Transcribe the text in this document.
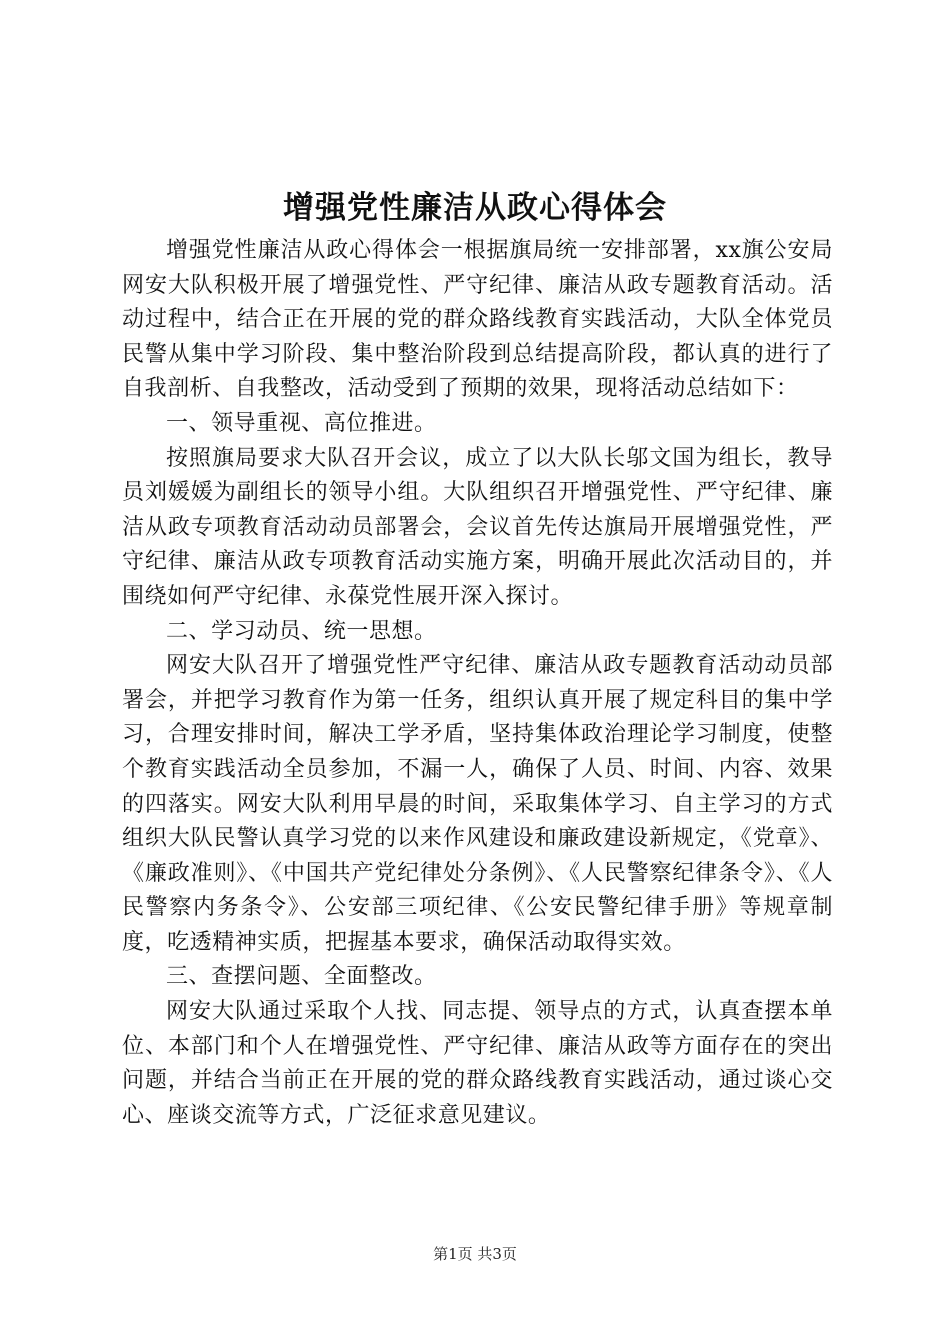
增强党性廉洁从政心得体会

增强党性廉洁从政心得体会一根据旗局统一安排部署，xx旗公安局网安大队积极开展了增强党性、严守纪律、廉洁从政专题教育活动。活动过程中，结合正在开展的党的群众路线教育实践活动，大队全体党员民警从集中学习阶段、集中整治阶段到总结提高阶段，都认真的进行了自我剖析、自我整改，活动受到了预期的效果，现将活动总结如下：

一、领导重视、高位推进。

按照旗局要求大队召开会议，成立了以大队长邬文国为组长，教导员刘媛媛为副组长的领导小组。大队组织召开增强党性、严守纪律、廉洁从政专项教育活动动员部署会，会议首先传达旗局开展增强党性，严守纪律、廉洁从政专项教育活动实施方案，明确开展此次活动目的，并围绕如何严守纪律、永葆党性展开深入探讨。

二、学习动员、统一思想。

网安大队召开了增强党性严守纪律、廉洁从政专题教育活动动员部署会，并把学习教育作为第一任务，组织认真开展了规定科目的集中学习，合理安排时间，解决工学矛盾，坚持集体政治理论学习制度，使整个教育实践活动全员参加，不漏一人，确保了人员、时间、内容、效果的四落实。网安大队利用早晨的时间，采取集体学习、自主学习的方式组织大队民警认真学习党的以来作风建设和廉政建设新规定，《党章》、《廉政准则》、《中国共产党纪律处分条例》、《人民警察纪律条令》、《人民警察内务条令》、公安部三项纪律、《公安民警纪律手册》等规章制度，吃透精神实质，把握基本要求，确保活动取得实效。

三、查摆问题、全面整改。

网安大队通过采取个人找、同志提、领导点的方式，认真查摆本单位、本部门和个人在增强党性、严守纪律、廉洁从政等方面存在的突出问题，并结合当前正在开展的党的群众路线教育实践活动，通过谈心交心、座谈交流等方式，广泛征求意见建议。

第1页 共3页
